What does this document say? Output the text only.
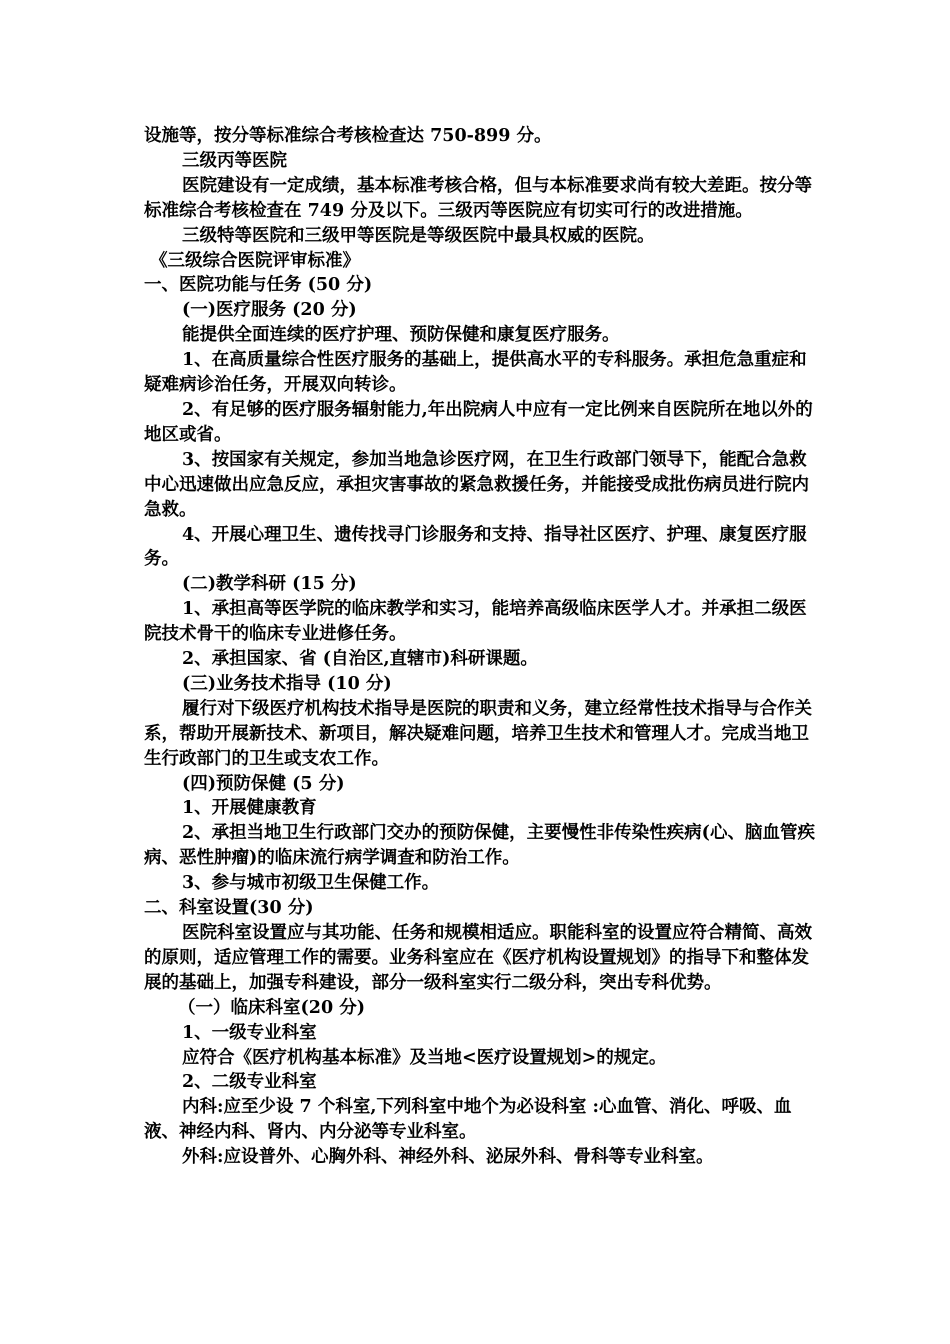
设施等，按分等标准综合考核检查达 750-899 分。

三级丙等医院

医院建设有一定成绩，基本标准考核合格，但与本标准要求尚有较大差距。按分等标准综合考核检查在 749 分及以下。三级丙等医院应有切实可行的改进措施。

三级特等医院和三级甲等医院是等级医院中最具权威的医院。

《三级综合医院评审标准》

一、医院功能与任务 (50 分)

(一)医疗服务 (20 分)

能提供全面连续的医疗护理、预防保健和康复医疗服务。

1、在高质量综合性医疗服务的基础上，提供高水平的专科服务。承担危急重症和疑难病诊治任务，开展双向转诊。

2、有足够的医疗服务辐射能力,年出院病人中应有一定比例来自医院所在地以外的地区或省。

3、按国家有关规定，参加当地急诊医疗网，在卫生行政部门领导下，能配合急救中心迅速做出应急反应，承担灾害事故的紧急救援任务，并能接受成批伤病员进行院内急救。

4、开展心理卫生、遗传找寻门诊服务和支持、指导社区医疗、护理、康复医疗服务。

(二)教学科研 (15 分)

1、承担高等医学院的临床教学和实习，能培养高级临床医学人才。并承担二级医院技术骨干的临床专业进修任务。

2、承担国家、省 (自治区,直辖市)科研课题。

(三)业务技术指导 (10 分)

履行对下级医疗机构技术指导是医院的职责和义务，建立经常性技术指导与合作关系，帮助开展新技术、新项目，解决疑难问题，培养卫生技术和管理人才。完成当地卫生行政部门的卫生或支农工作。

(四)预防保健 (5 分)

1、开展健康教育

2、承担当地卫生行政部门交办的预防保健，主要慢性非传染性疾病(心、脑血管疾病、恶性肿瘤)的临床流行病学调查和防治工作。

3、参与城市初级卫生保健工作。

二、科室设置(30 分)

医院科室设置应与其功能、任务和规模相适应。职能科室的设置应符合精简、高效的原则，适应管理工作的需要。业务科室应在《医疗机构设置规划》的指导下和整体发展的基础上，加强专科建设，部分一级科室实行二级分科，突出专科优势。

（一）临床科室(20 分)

1、一级专业科室

应符合《医疗机构基本标准》及当地<医疗设置规划>的规定。

2、二级专业科室

内科:应至少设 7 个科室,下列科室中地个为必设科室 :心血管、消化、呼吸、血液、神经内科、肾内、内分泌等专业科室。

外科:应设普外、心胸外科、神经外科、泌尿外科、骨科等专业科室。
